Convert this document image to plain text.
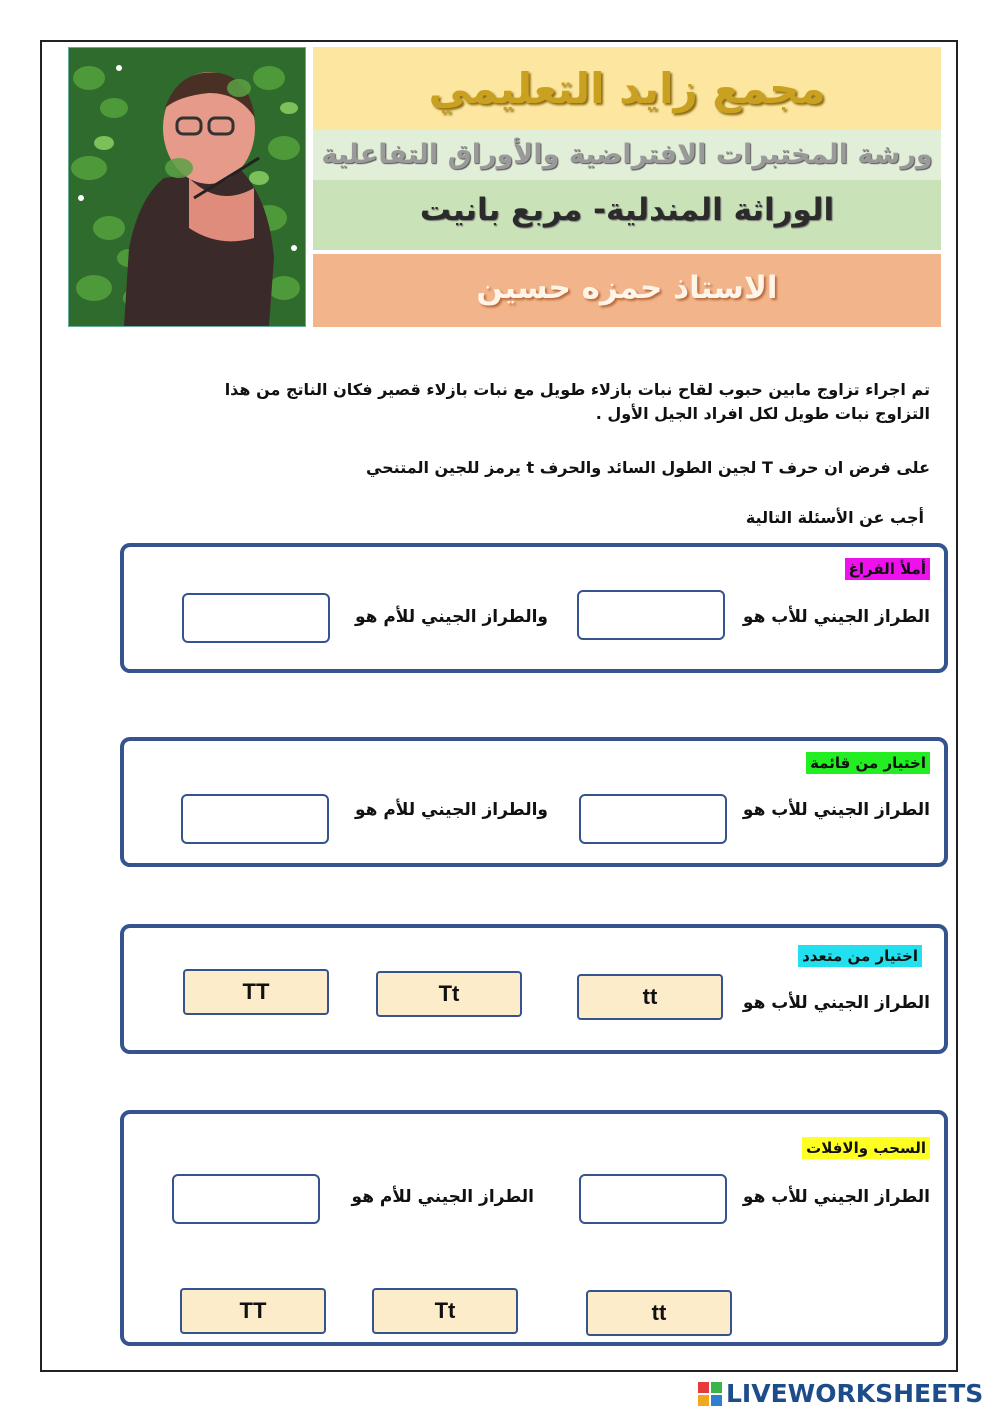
مجمع زايد التعليمي
ورشة المختبرات الافتراضية والأوراق التفاعلية
الوراثة المندلية- مربع بانيت
الاستاذ حمزه حسين
تم اجراء تزاوج مابين حبوب لقاح نبات بازلاء طويل مع نبات بازلاء قصير فكان الناتج من هذا
التزاوج نبات طويل لكل افراد الجيل الأول .
على فرض ان حرف T لجين الطول السائد والحرف t يرمز للجين المتنحي
أجب عن الأسئلة التالية
أملأ الفراغ
الطراز الجيني للأب هو
والطراز الجيني للأم هو
اختيار من قائمة
الطراز الجيني للأب هو
والطراز الجيني للأم هو
اختيار من متعدد
الطراز الجيني للأب هو
tt
Tt
TT
السحب والافلات
الطراز الجيني للأب هو
الطراز الجيني للأم هو
tt
Tt
TT
LIVEWORKSHEETS
